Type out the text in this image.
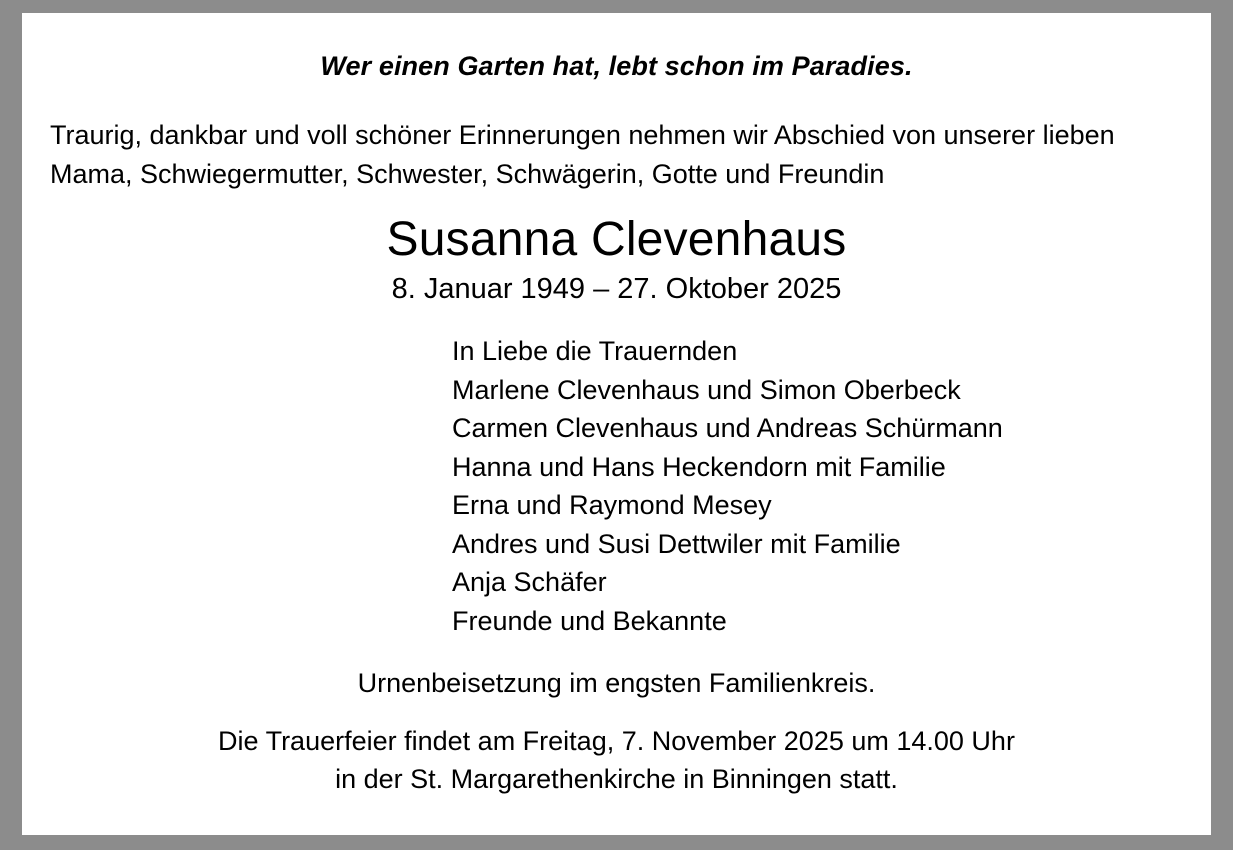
Wer einen Garten hat, lebt schon im Paradies.
Traurig, dankbar und voll schöner Erinnerungen nehmen wir Abschied von unserer lieben Mama, Schwiegermutter, Schwester, Schwägerin, Gotte und Freundin
Susanna Clevenhaus
8. Januar 1949 – 27. Oktober 2025
In Liebe die Trauernden
Marlene Clevenhaus und Simon Oberbeck
Carmen Clevenhaus und Andreas Schürmann
Hanna und Hans Heckendorn mit Familie
Erna und Raymond Mesey
Andres und Susi Dettwiler mit Familie
Anja Schäfer
Freunde und Bekannte
Urnenbeisetzung im engsten Familienkreis.
Die Trauerfeier findet am Freitag, 7. November 2025 um 14.00 Uhr
in der St. Margarethenkirche in Binningen statt.
